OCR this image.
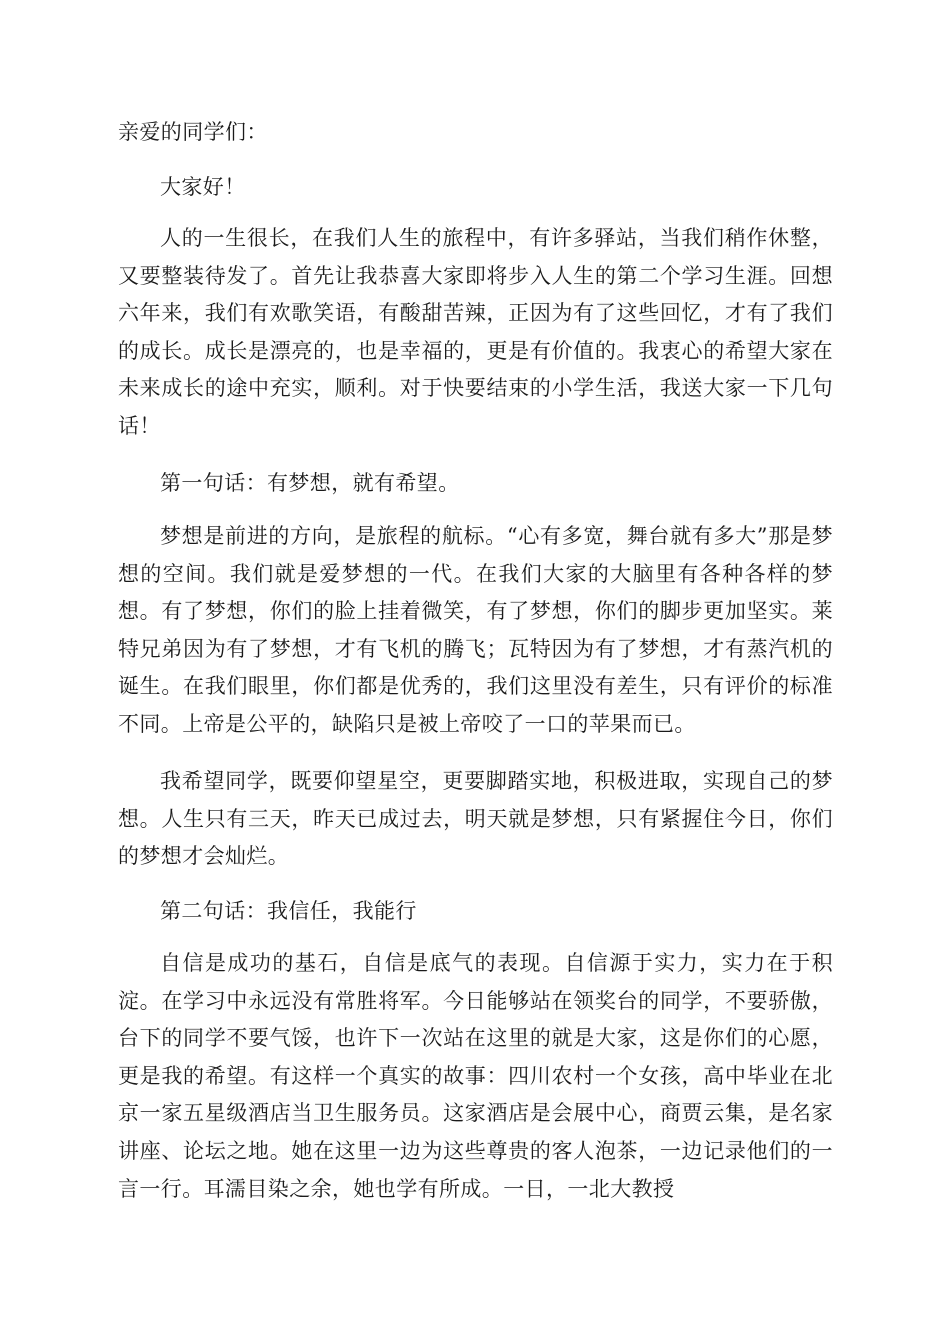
亲爱的同学们：

大家好！

人的一生很长，在我们人生的旅程中，有许多驿站，当我们稍作休整，又要整装待发了。首先让我恭喜大家即将步入人生的第二个学习生涯。回想六年来，我们有欢歌笑语，有酸甜苦辣，正因为有了这些回忆，才有了我们的成长。成长是漂亮的，也是幸福的，更是有价值的。我衷心的希望大家在未来成长的途中充实，顺利。对于快要结束的小学生活，我送大家一下几句话！

第一句话：有梦想，就有希望。

梦想是前进的方向，是旅程的航标。“心有多宽，舞台就有多大”那是梦想的空间。我们就是爱梦想的一代。在我们大家的大脑里有各种各样的梦想。有了梦想，你们的脸上挂着微笑，有了梦想，你们的脚步更加坚实。莱特兄弟因为有了梦想，才有飞机的腾飞；瓦特因为有了梦想，才有蒸汽机的诞生。在我们眼里，你们都是优秀的，我们这里没有差生，只有评价的标准不同。上帝是公平的，缺陷只是被上帝咬了一口的苹果而已。

我希望同学，既要仰望星空，更要脚踏实地，积极进取，实现自己的梦想。人生只有三天，昨天已成过去，明天就是梦想，只有紧握住今日，你们的梦想才会灿烂。

第二句话：我信任，我能行

自信是成功的基石，自信是底气的表现。自信源于实力，实力在于积淀。在学习中永远没有常胜将军。今日能够站在领奖台的同学，不要骄傲，台下的同学不要气馁，也许下一次站在这里的就是大家，这是你们的心愿，更是我的希望。有这样一个真实的故事：四川农村一个女孩，高中毕业在北京一家五星级酒店当卫生服务员。这家酒店是会展中心，商贾云集，是名家讲座、论坛之地。她在这里一边为这些尊贵的客人泡茶，一边记录他们的一言一行。耳濡目染之余，她也学有所成。一日，一北大教授
